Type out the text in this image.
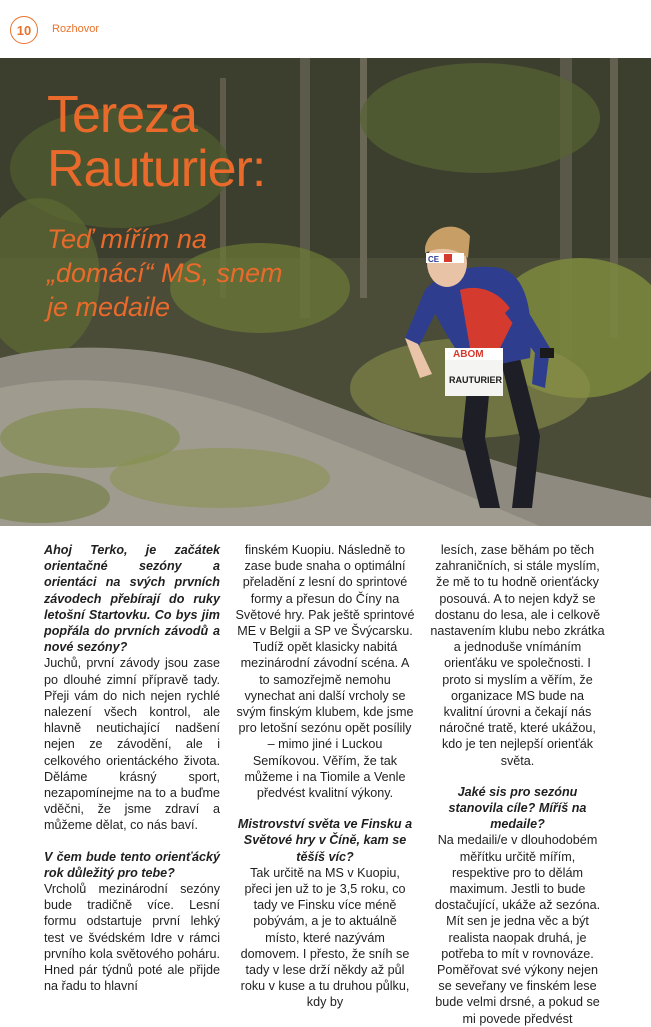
10	Rozhovor
ABOM
RAUTURIER
CE
Tereza
Rauturier:
Teď mířím na „domácí“ MS, snem je medaile
Ahoj Terko, je začátek orientačné sezóny a orientáci na svých prvních závodech přebírají do ruky letošní Startovku. Co bys jim popřála do prvních závodů a nové sezóny?
Juchů, první závody jsou zase po dlouhé zimní přípravě tady. Přeji vám do nich nejen rychlé nalezení všech kontrol, ale hlavně neutichající nadšení nejen ze závodění, ale i celkového orientáckého života. Děláme krásný sport, nezapomínejme na to a buďme vděčni, že jsme zdraví a můžeme dělat, co nás baví.
V čem bude tento orienťácký rok důležitý pro tebe?
Vrcholů mezinárodní sezóny bude tradičně více. Lesní formu odstartuje první lehký test ve švédském Idre v rámci prvního kola světového poháru. Hned pár týdnů poté ale přijde na řadu to hlavní
finském Kuopiu. Následně to zase bude snaha o optimální přeladění z lesní do sprintové formy a přesun do Číny na Světové hry. Pak ještě sprintové ME v Belgii a SP ve Švýcarsku. Tudíž opět klasicky nabitá mezinárodní závodní scéna. A to samozřejmě nemohu vynechat ani další vrcholy se svým finským klubem, kde jsme pro letošní sezónu opět posílily – mimo jiné i Luckou Semíkovou. Věřím, že tak můžeme i na Tiomile a Venle předvést kvalitní výkony.
Mistrovství světa ve Finsku a Světové hry v Číně, kam se těšíš víc?
Tak určitě na MS v Kuopiu, přeci jen už to je 3,5 roku, co tady ve Finsku více méně pobývám, a je to aktuálně místo, které nazývám domovem. I přesto, že sníh se tady v lese drží někdy až půl roku v kuse a tu druhou půlku, kdy by
lesích, zase běhám po těch zahraničních, si stále myslím, že mě to tu hodně orienťácky posouvá. A to nejen když se dostanu do lesa, ale i celkově nastavením klubu nebo zkrátka a jednoduše vnímáním orienťáku ve společnosti. I proto si myslím a věřím, že organizace MS bude na kvalitní úrovni a čekají nás náročné tratě, které ukážou, kdo je ten nejlepší orienťák světa.
Jaké sis pro sezónu stanovila cíle? Míříš na medaile?
Na medaili/e v dlouhodobém měřítku určitě mířím, respektive pro to dělám maximum. Jestli to bude dostačující, ukáže až sezóna. Mít sen je jedna věc a být realista naopak druhá, je potřeba to mít v rovnováze. Poměřovat své výkony nejen se seveřany ve finském lese bude velmi drsné, a pokud se mi povede předvést
